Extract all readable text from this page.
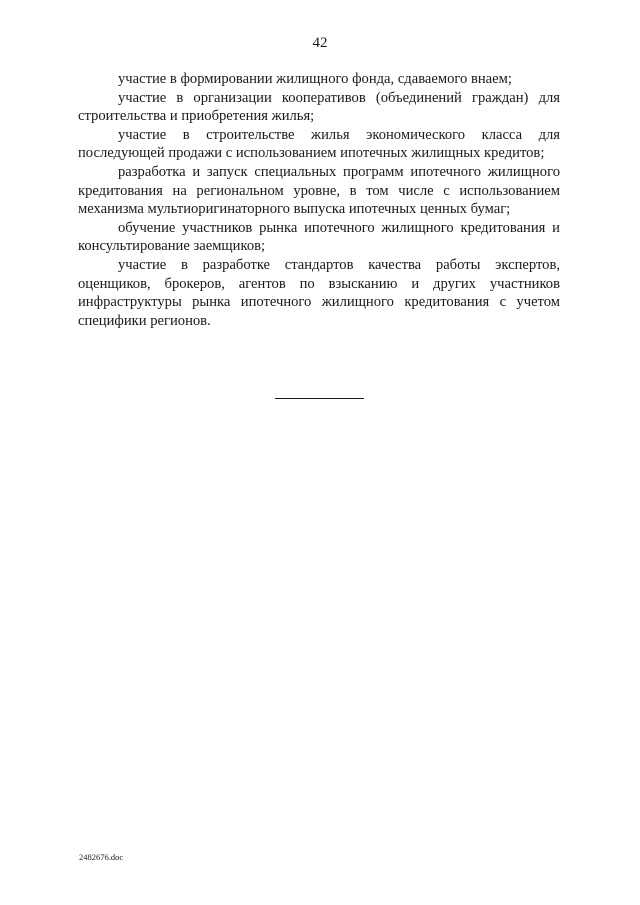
42

участие в формировании жилищного фонда, сдаваемого внаем;

участие в организации кооперативов (объединений граждан) для строительства и приобретения жилья;

участие в строительстве жилья экономического класса для последующей продажи с использованием ипотечных жилищных кредитов;

разработка и запуск специальных программ ипотечного жилищного кредитования на региональном уровне, в том числе с использованием механизма мультиоригинаторного выпуска ипотечных ценных бумаг;

обучение участников рынка ипотечного жилищного кредитования и консультирование заемщиков;

участие в разработке стандартов качества работы экспертов, оценщиков, брокеров, агентов по взысканию и других участников инфраструктуры рынка ипотечного жилищного кредитования с учетом специфики регионов.

2482676.doc
